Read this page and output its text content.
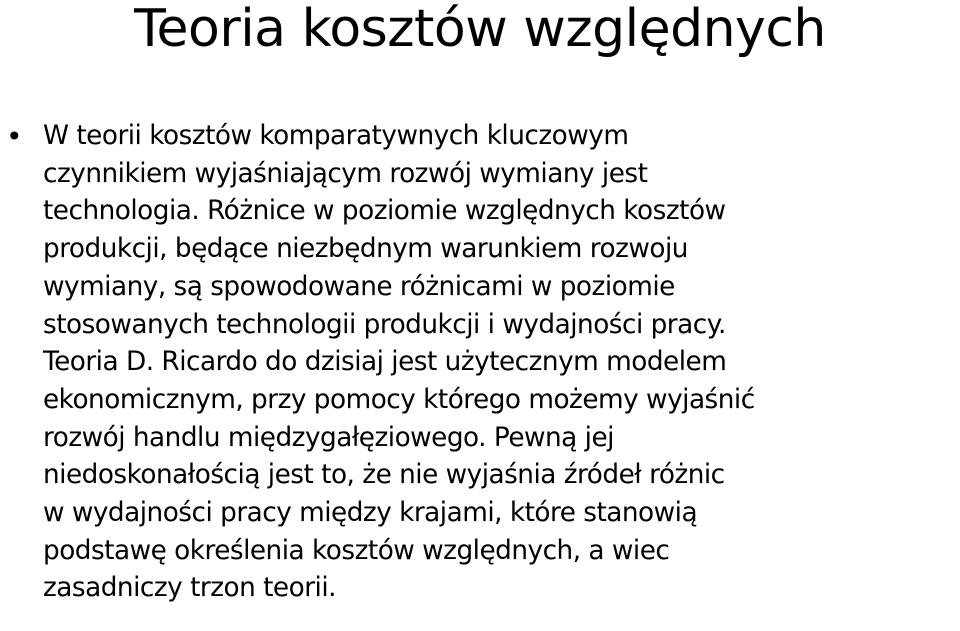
Teoria kosztów względnych
• W teorii kosztów komparatywnych kluczowym
czynnikiem wyjaśniającym rozwój wymiany jest
technologia. Różnice w poziomie względnych kosztów
produkcji, będące niezbędnym warunkiem rozwoju
wymiany, są spowodowane różnicami w poziomie
stosowanych technologii produkcji i wydajności pracy.
Teoria D. Ricardo do dzisiaj jest użytecznym modelem
ekonomicznym, przy pomocy którego możemy wyjaśnić
rozwój handlu międzygałęziowego. Pewną jej
niedoskonałością jest to, że nie wyjaśnia źródeł różnic
w wydajności pracy między krajami, które stanowią
podstawę określenia kosztów względnych, a wiec
zasadniczy trzon teorii.
